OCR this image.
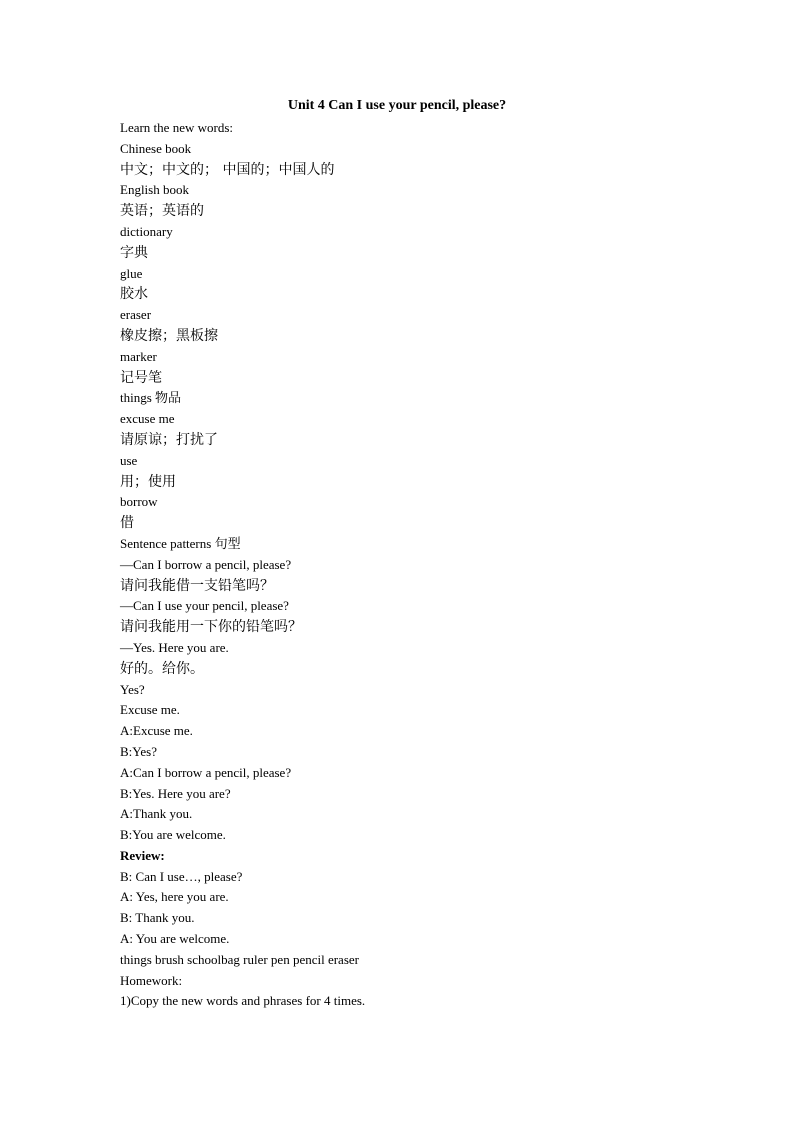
Unit 4 Can I use your pencil, please?
Learn the new words:
Chinese book
中文；中文的； 中国的；中国人的
English book
英语；英语的
dictionary
字典
glue
胶水
eraser
橡皮擦；黑板擦
marker
记号笔
things 物品
excuse me
请原谅；打扰了
use
用；使用
borrow
借
Sentence patterns 句型
—Can I borrow a pencil, please?
请问我能借一支铅笔吗？
—Can I use your pencil, please?
请问我能用一下你的铅笔吗？
—Yes. Here you are.
好的。给你。
Yes?
Excuse me.
A:Excuse me.
B:Yes?
A:Can I borrow a pencil, please?
B:Yes. Here you are?
A:Thank you.
B:You are welcome.
Review:
B: Can I use…, please?
A: Yes, here you are.
B: Thank you.
A: You are welcome.
things brush schoolbag ruler pen pencil eraser
Homework:
1)Copy the new words and phrases for 4 times.
